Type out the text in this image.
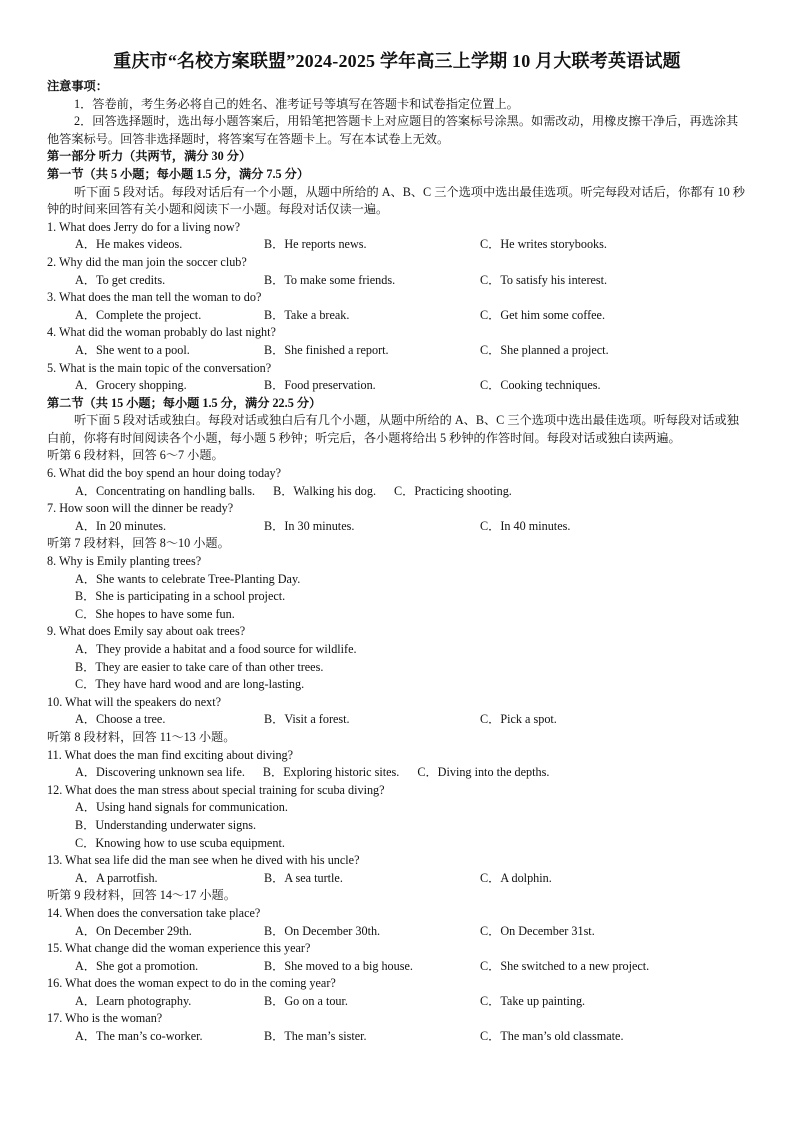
重庆市“名校方案联盟”2024-2025 学年高三上学期 10 月大联考英语试题

注意事项：

1．答卷前，考生务必将自己的姓名、准考证号等填写在答题卡和试卷指定位置上。

2．回答选择题时，选出每小题答案后，用铅笔把答题卡上对应题目的答案标号涂黑。如需改动，用橡皮擦干净后，再选涂其他答案标号。回答非选择题时，将答案写在答题卡上。写在本试卷上无效。

第一部分 听力（共两节，满分 30 分）

第一节（共 5 小题；每小题 1.5 分，满分 7.5 分）

听下面 5 段对话。每段对话后有一个小题，从题中所给的 A、B、C 三个选项中选出最佳选项。听完每段对话后，你都有 10 秒钟的时间来回答有关小题和阅读下一小题。每段对话仅读一遍。

1. What does Jerry do for a living now?

A．He makes videos.	B．He reports news.	C．He writes storybooks.

2. Why did the man join the soccer club?

A．To get credits.	B．To make some friends.	C．To satisfy his interest.

3. What does the man tell the woman to do?

A．Complete the project.	B．Take a break.	C．Get him some coffee.

4. What did the woman probably do last night?

A．She went to a pool.	B．She finished a report.	C．She planned a project.

5. What is the main topic of the conversation?

A．Grocery shopping.	B．Food preservation.	C．Cooking techniques.

第二节（共 15 小题；每小题 1.5 分，满分 22.5 分）

听下面 5 段对话或独白。每段对话或独白后有几个小题，从题中所给的 A、B、C 三个选项中选出最佳选项。听每段对话或独白前，你将有时间阅读各个小题，每小题 5 秒钟；听完后，各小题将给出 5 秒钟的作答时间。每段对话或独白读两遍。

听第 6 段材料，回答 6～7 小题。

6. What did the boy spend an hour doing today?

A．Concentrating on handling balls. B．Walking his dog. C．Practicing shooting.

7. How soon will the dinner be ready?

A．In 20 minutes.	B．In 30 minutes.	C．In 40 minutes.

听第 7 段材料，回答 8～10 小题。

8. Why is Emily planting trees?

A．She wants to celebrate Tree-Planting Day.

B．She is participating in a school project.

C．She hopes to have some fun.

9. What does Emily say about oak trees?

A．They provide a habitat and a food source for wildlife.

B．They are easier to take care of than other trees.

C．They have hard wood and are long-lasting.

10. What will the speakers do next?

A．Choose a tree.	B．Visit a forest.	C．Pick a spot.

听第 8 段材料，回答 11～13 小题。

11. What does the man find exciting about diving?

A．Discovering unknown sea life. B．Exploring historic sites. C．Diving into the depths.

12. What does the man stress about special training for scuba diving?

A．Using hand signals for communication.

B．Understanding underwater signs.

C．Knowing how to use scuba equipment.

13. What sea life did the man see when he dived with his uncle?

A．A parrotfish.	B．A sea turtle.	C．A dolphin.

听第 9 段材料，回答 14～17 小题。

14. When does the conversation take place?

A．On December 29th.	B．On December 30th.	C．On December 31st.

15. What change did the woman experience this year?

A．She got a promotion.	B．She moved to a big house.	C．She switched to a new project.

16. What does the woman expect to do in the coming year?

A．Learn photography.	B．Go on a tour.	C．Take up painting.

17. Who is the woman?

A．The man’s co-worker.	B．The man’s sister.	C．The man’s old classmate.
